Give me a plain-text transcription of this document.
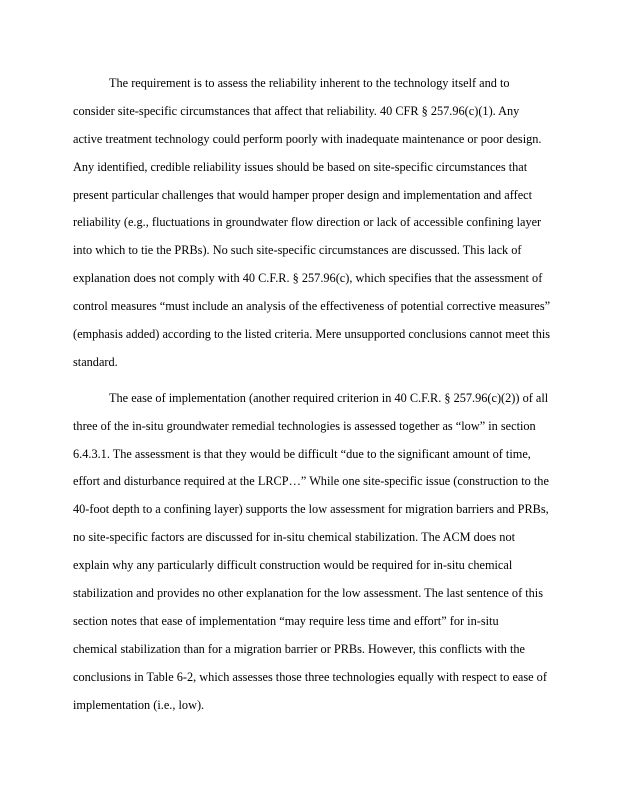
The requirement is to assess the reliability inherent to the technology itself and to
consider site-specific circumstances that affect that reliability. 40 CFR § 257.96(c)(1). Any
active treatment technology could perform poorly with inadequate maintenance or poor design.
Any identified, credible reliability issues should be based on site-specific circumstances that
present particular challenges that would hamper proper design and implementation and affect
reliability (e.g., fluctuations in groundwater flow direction or lack of accessible confining layer
into which to tie the PRBs). No such site-specific circumstances are discussed. This lack of
explanation does not comply with 40 C.F.R. § 257.96(c), which specifies that the assessment of
control measures “must include an analysis of the effectiveness of potential corrective measures”
(emphasis added) according to the listed criteria. Mere unsupported conclusions cannot meet this
standard.
The ease of implementation (another required criterion in 40 C.F.R. § 257.96(c)(2)) of all
three of the in-situ groundwater remedial technologies is assessed together as “low” in section
6.4.3.1. The assessment is that they would be difficult “due to the significant amount of time,
effort and disturbance required at the LRCP…” While one site-specific issue (construction to the
40-foot depth to a confining layer) supports the low assessment for migration barriers and PRBs,
no site-specific factors are discussed for in-situ chemical stabilization. The ACM does not
explain why any particularly difficult construction would be required for in-situ chemical
stabilization and provides no other explanation for the low assessment. The last sentence of this
section notes that ease of implementation “may require less time and effort” for in-situ
chemical stabilization than for a migration barrier or PRBs. However, this conflicts with the
conclusions in Table 6-2, which assesses those three technologies equally with respect to ease of
implementation (i.e., low).
